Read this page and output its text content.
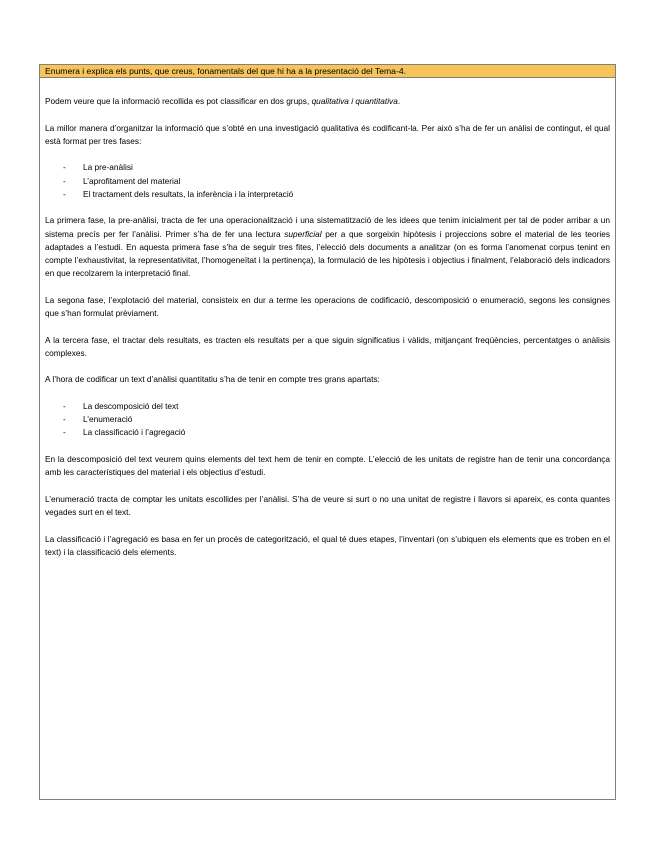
Enumera i explica els punts, que creus, fonamentals del que hi ha a la presentació del Tema-4.

Podem veure que la informació recollida es pot classificar en dos grups, qualitativa i quantitativa.

La millor manera d’organitzar la informació que s’obté en una investigació qualitativa és codificant-la. Per això s’ha de fer un anàlisi de contingut, el qual està format per tres fases:

- La pre-anàlisi
- L’aprofitament del material
- El tractament dels resultats, la inferència i la interpretació

La primera fase, la pre-anàlisi, tracta de fer una operacionalització i una sistematització de les idees que tenim inicialment per tal de poder arribar a un sistema precís per fer l’anàlisi. Primer s’ha de fer una lectura superficial per a que sorgeixin hipòtesis i projeccions sobre el material de les teories adaptades a l’estudi. En aquesta primera fase s’ha de seguir tres fites, l’elecció dels documents a analitzar (on es forma l’anomenat corpus tenint en compte l’exhaustivitat, la representativitat, l’homogeneïtat i la pertinença), la formulació de les hipòtesis i objectius i finalment, l’elaboració dels indicadors en que recolzarem la interpretació final.

La segona fase, l’explotació del material, consisteix en dur a terme les operacions de codificació, descomposició o enumeració, segons les consignes que s’han formulat prèviament.

A la tercera fase, el tractar dels resultats, es tracten els resultats per a que siguin significatius i vàlids, mitjançant freqüències, percentatges o anàlisis complexes.

A l’hora de codificar un text d’anàlisi quantitatiu s’ha de tenir en compte tres grans apartats:

- La descomposició del text
- L’enumeració
- La classificació i l’agregació

En la descomposició del text veurem quins elements del text hem de tenir en compte. L’elecció de les unitats de registre han de tenir una concordança amb les característiques del material i els objectius d’estudi.

L’enumeració tracta de comptar les unitats escollides per l’anàlisi. S’ha de veure si surt o no una unitat de registre i llavors si apareix, es conta quantes vegades surt en el text.

La classificació i l’agregació es basa en fer un procés de categorització, el qual té dues etapes, l’inventari (on s’ubiquen els elements que es troben en el text) i la classificació dels elements.
